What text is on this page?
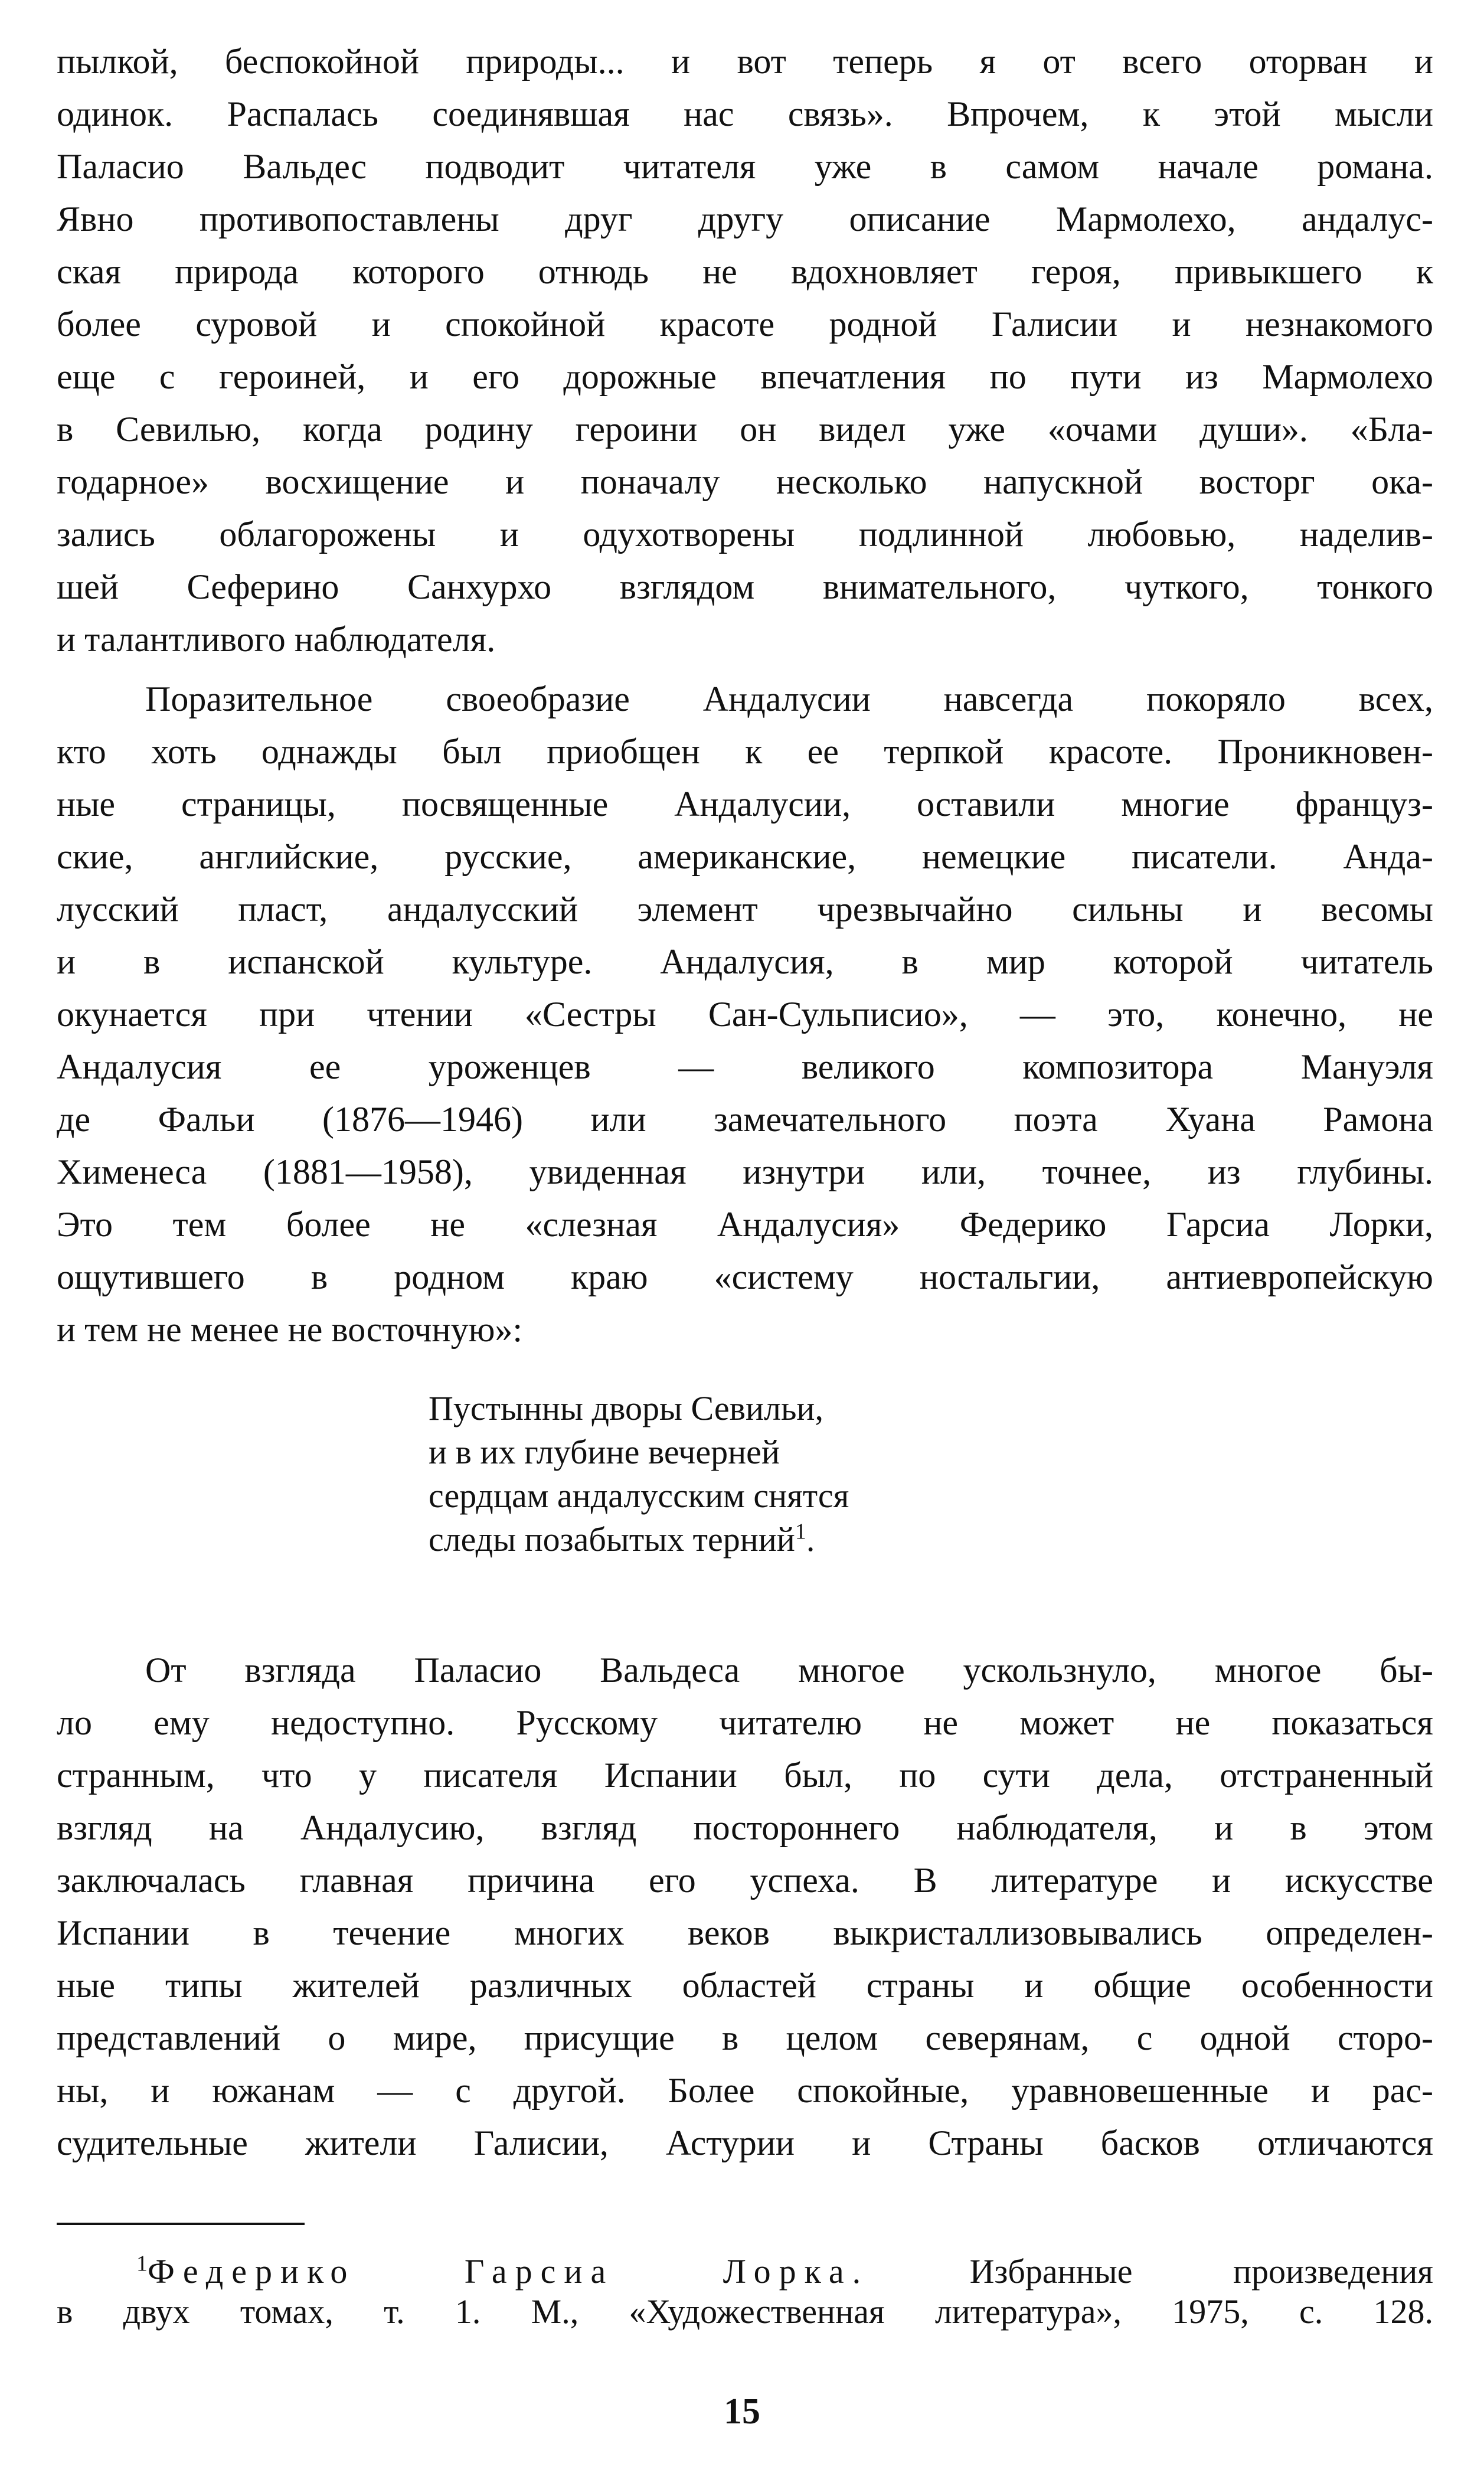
пылкой, беспокойной природы... и вот теперь я от всего оторван и
одинок. Распалась соединявшая нас связь». Впрочем, к этой мысли
Паласио Вальдес подводит читателя уже в самом начале романа.
Явно противопоставлены друг другу описание Мармолехо, андалус-
ская природа которого отнюдь не вдохновляет героя, привыкшего к
более суровой и спокойной красоте родной Галисии и незнакомого
еще с героиней, и его дорожные впечатления по пути из Мармолехо
в Севилью, когда родину героини он видел уже «очами души». «Бла-
годарное» восхищение и поначалу несколько напускной восторг ока-
зались облагорожены и одухотворены подлинной любовью, наделив-
шей Сеферино Санхурхо взглядом внимательного, чуткого, тонкого
и талантливого наблюдателя.

Поразительное своеобразие Андалусии навсегда покоряло всех,
кто хоть однажды был приобщен к ее терпкой красоте. Проникновен-
ные страницы, посвященные Андалусии, оставили многие француз-
ские, английские, русские, американские, немецкие писатели. Анда-
лусский пласт, андалусский элемент чрезвычайно сильны и весомы
и в испанской культуре. Андалусия, в мир которой читатель
окунается при чтении «Сестры Сан-Сульписио», — это, конечно, не
Андалусия ее уроженцев — великого композитора Мануэля
де Фальи (1876—1946) или замечательного поэта Хуана Рамона
Хименеса (1881—1958), увиденная изнутри или, точнее, из глубины.
Это тем более не «слезная Андалусия» Федерико Гарсиа Лорки,
ощутившего в родном краю «систему ностальгии, антиевропейскую
и тем не менее не восточную»:

Пустынны дворы Севильи,
и в их глубине вечерней
сердцам андалусским снятся
следы позабытых терний$^1$.

От взгляда Паласио Вальдеса многое ускользнуло, многое бы-
ло ему недоступно. Русскому читателю не может не показаться
странным, что у писателя Испании был, по сути дела, отстраненный
взгляд на Андалусию, взгляд постороннего наблюдателя, и в этом
заключалась главная причина его успеха. В литературе и искусстве
Испании в течение многих веков выкристаллизовывались определен-
ные типы жителей различных областей страны и общие особенности
представлений о мире, присущие в целом северянам, с одной сторо-
ны, и южанам — с другой. Более спокойные, уравновешенные и рас-
судительные жители Галисии, Астурии и Страны басков отличаются

$^1$Федерико Гарсиа Лорка.	Избранные произведения
в двух томах, т. 1. М., «Художественная литература», 1975, с. 128.
15
